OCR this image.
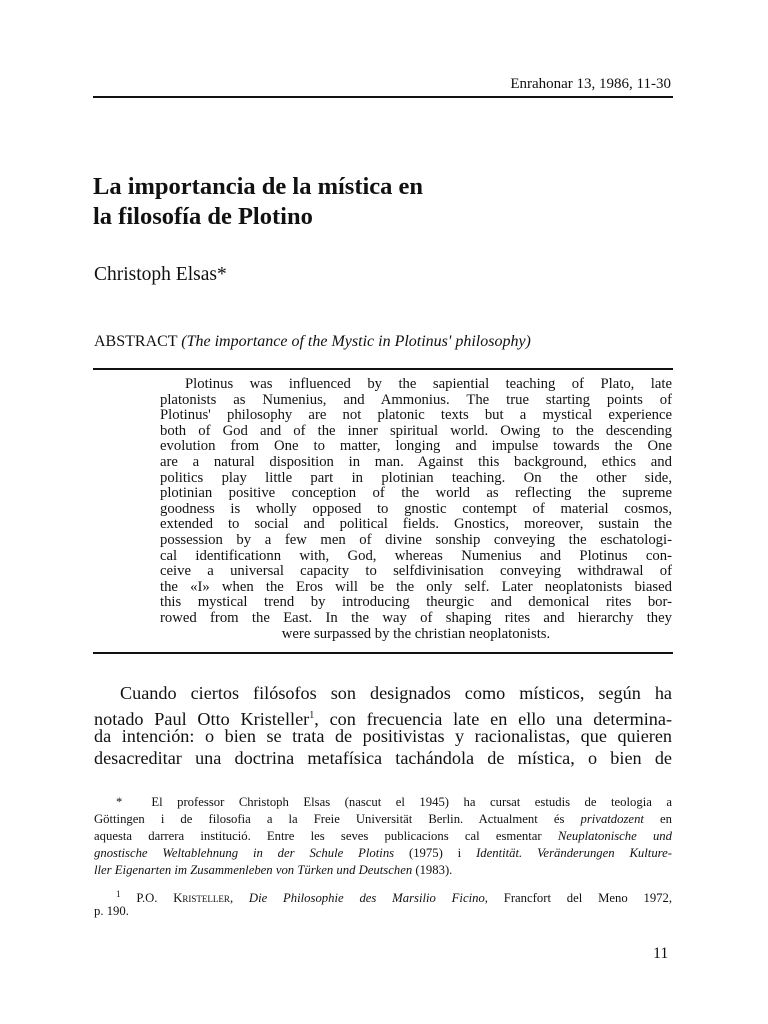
Enrahonar 13, 1986, 11-30
La importancia de la mística en
la filosofía de Plotino
Christoph Elsas*
ABSTRACT (The importance of the Mystic in Plotinus' philosophy)
Plotinus was influenced by the sapiential teaching of Plato, late
platonists as Numenius, and Ammonius. The true starting points of
Plotinus' philosophy are not platonic texts but a mystical experience
both of God and of the inner spiritual world. Owing to the descending
evolution from One to matter, longing and impulse towards the One
are a natural disposition in man. Against this background, ethics and
politics play little part in plotinian teaching. On the other side,
plotinian positive conception of the world as reflecting the supreme
goodness is wholly opposed to gnostic contempt of material cosmos,
extended to social and political fields. Gnostics, moreover, sustain the
possession by a few men of divine sonship conveying the eschatologi-
cal identificationn with, God, whereas Numenius and Plotinus con-
ceive a universal capacity to selfdivinisation conveying withdrawal of
the «I» when the Eros will be the only self. Later neoplatonists biased
this mystical trend by introducing theurgic and demonical rites bor-
rowed from the East. In the way of shaping rites and hierarchy they
were surpassed by the christian neoplatonists.
Cuando ciertos filósofos son designados como místicos, según ha
notado Paul Otto Kristeller$^1$, con frecuencia late en ello una determina-
da intención: o bien se trata de positivistas y racionalistas, que quieren
desacreditar una doctrina metafísica tachándola de mística, o bien de
* El professor Christoph Elsas (nascut el 1945) ha cursat estudis de teologia a
Göttingen i de filosofia a la Freie Universität Berlin. Actualment és privatdozent en
aquesta darrera institució. Entre les seves publicacions cal esmentar Neuplatonische und
gnostische Weltablehnung in der Schule Plotins (1975) i Identität. Veränderungen Kulture-
ller Eigenarten im Zusammenleben von Türken und Deutschen (1983).
$^1$ P.O. Kristeller, Die Philosophie des Marsilio Ficino, Francfort del Meno 1972,
p. 190.
11
